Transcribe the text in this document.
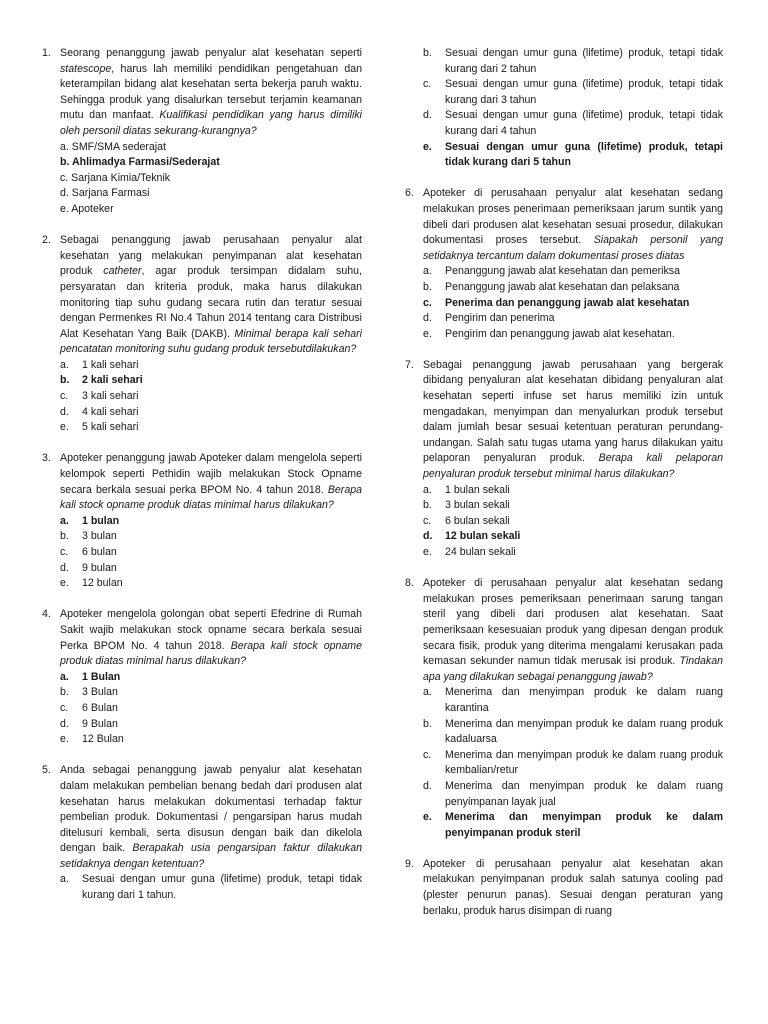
1. Seorang penanggung jawab penyalur alat kesehatan seperti statescope, harus lah memiliki pendidikan pengetahuan dan keterampilan bidang alat kesehatan serta bekerja paruh waktu. Sehingga produk yang disalurkan tersebut terjamin keamanan mutu dan manfaat. Kualifikasi pendidikan yang harus dimiliki oleh personil diatas sekurang-kurangnya?
a. SMF/SMA sederajat
b. Ahlimadya Farmasi/Sederajat
c. Sarjana Kimia/Teknik
d. Sarjana Farmasi
e. Apoteker
2. Sebagai penanggung jawab perusahaan penyalur alat kesehatan yang melakukan penyimpanan alat kesehatan produk catheter, agar produk tersimpan didalam suhu, persyaratan dan kriteria produk, maka harus dilakukan monitoring tiap suhu gudang secara rutin dan teratur sesuai dengan Permenkes RI No.4 Tahun 2014 tentang cara Distribusi Alat Kesehatan Yang Baik (DAKB). Minimal berapa kali sehari pencatatan monitoring suhu gudang produk tersebutdilakukan?
a.	1 kali sehari
b.	2 kali sehari
c.	3 kali sehari
d.	4 kali sehari
e.	5 kali sehari
3. Apoteker penanggung jawab Apoteker dalam mengelola seperti kelompok seperti Pethidin wajib melakukan Stock Opname secara berkala sesuai perka BPOM No. 4 tahun 2018. Berapa kali stock opname produk diatas minimal harus dilakukan?
a.	1 bulan
b.	3 bulan
c.	6 bulan
d.	9 bulan
e.	12 bulan
4. Apoteker mengelola golongan obat seperti Efedrine di Rumah Sakit wajib melakukan stock opname secara berkala sesuai Perka BPOM No. 4 tahun 2018. Berapa kali stock opname produk diatas minimal harus dilakukan?
a.	1 Bulan
b.	3 Bulan
c.	6 Bulan
d.	9 Bulan
e.	12 Bulan
5. Anda sebagai penanggung jawab penyalur alat kesehatan dalam melakukan pembelian benang bedah dari produsen alat kesehatan harus melakukan dokumentasi terhadap faktur pembelian produk. Dokumentasi / pengarsipan harus mudah ditelusuri kembali, serta disusun dengan baik dan dikelola dengan baik. Berapakah usia pengarsipan faktur dilakukan setidaknya dengan ketentuan?
a.	Sesuai dengan umur guna (lifetime) produk, tetapi tidak kurang dari 1 tahun.
b.	Sesuai dengan umur guna (lifetime) produk, tetapi tidak kurang dari 2 tahun
c.	Sesuai dengan umur guna (lifetime) produk, tetapi tidak kurang dari 3 tahun
d.	Sesuai dengan umur guna (lifetime) produk, tetapi tidak kurang dari 4 tahun
e.	Sesuai dengan umur guna (lifetime) produk, tetapi tidak kurang dari 5 tahun
6. Apoteker di perusahaan penyalur alat kesehatan sedang melakukan proses penerimaan pemeriksaan jarum suntik yang dibeli dari produsen alat kesehatan sesuai prosedur, dilakukan dokumentasi proses tersebut. Siapakah personil yang setidaknya tercantum dalam dokumentasi proses diatas
a.	Penanggung jawab alat kesehatan dan pemeriksa
b.	Penanggung jawab alat kesehatan dan pelaksana
c.	Penerima dan penanggung jawab alat kesehatan
d.	Pengirim dan penerima
e.	Pengirim dan penanggung jawab alat kesehatan.
7. Sebagai penanggung jawab perusahaan yang bergerak dibidang penyaluran alat kesehatan dibidang penyaluran alat kesehatan seperti infuse set harus memiliki izin untuk mengadakan, menyimpan dan menyalurkan produk tersebut dalam jumlah besar sesuai ketentuan peraturan perundang-undangan. Salah satu tugas utama yang harus dilakukan yaitu pelaporan penyaluran produk. Berapa kali pelaporan penyaluran produk tersebut minimal harus dilakukan?
a.	1 bulan sekali
b.	3 bulan sekali
c.	6 bulan sekali
d.	12 bulan sekali
e.	24 bulan sekali
8. Apoteker di perusahaan penyalur alat kesehatan sedang melakukan proses pemeriksaan penerimaan sarung tangan steril yang dibeli dari produsen alat kesehatan. Saat pemeriksaan kesesuaian produk yang dipesan dengan produk secara fisik, produk yang diterima mengalami kerusakan pada kemasan sekunder namun tidak merusak isi produk. Tindakan apa yang dilakukan sebagai penanggung jawab?
a.	Menerima dan menyimpan produk ke dalam ruang karantina
b.	Menerima dan menyimpan produk ke dalam ruang produk kadaluarsa
c.	Menerima dan menyimpan produk ke dalam ruang produk kembalian/retur
d.	Menerima dan menyimpan produk ke dalam ruang penyimpanan layak jual
e.	Menerima dan menyimpan produk ke dalam penyimpanan produk steril
9. Apoteker di perusahaan penyalur alat kesehatan akan melakukan penyimpanan produk salah satunya cooling pad (plester penurun panas). Sesuai dengan peraturan yang berlaku, produk harus disimpan di ruang
